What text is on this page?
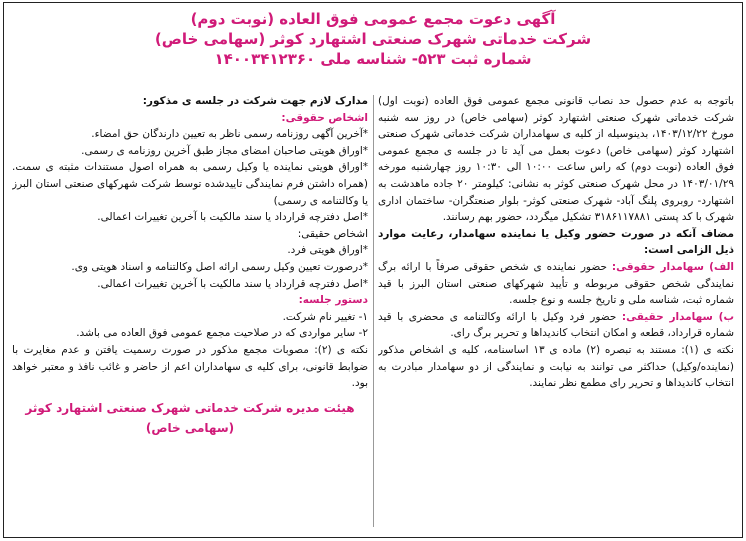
آگهی دعوت مجمع عمومی فوق العاده (نوبت دوم)
شرکت خدماتی شهرک صنعتی اشتهارد کوثر (سهامی خاص)
شماره ثبت ۵۲۳- شناسه ملی ۱۴۰۰۳۴۱۲۳۶۰
باتوجه به عدم حصول حد نصاب قانونی مجمع عمومی فوق العاده (نوبت اول) شرکت خدماتی شهرک صنعتی اشتهارد کوثر (سهامی خاص) در روز سه شنبه مورخ ۱۴۰۳/۱۲/۲۲، بدینوسیله از کلیه ی سهامداران شرکت خدماتی شهرک صنعتی اشتهارد کوثر (سهامی خاص) دعوت بعمل می آید تا در جلسه ی مجمع عمومی فوق العاده (نوبت دوم) که راس ساعت ۱۰:۰۰ الی ۱۰:۳۰ روز چهارشنبه مورخه ۱۴۰۳/۰۱/۲۹ در محل شهرک صنعتی کوثر به نشانی: کیلومتر ۲۰ جاده ماهدشت به اشتهارد- روبروی پلنگ آباد- شهرک صنعتی کوثر- بلوار صنعتگران- ساختمان اداری شهرک با کد پستی ۳۱۸۶۱۱۷۸۸۱ تشکیل میگردد، حضور بهم رسانند.
مضاف آنکه در صورت حضور وکیل یا نماینده سهامدار، رعایت موارد ذیل الزامی است:
الف) سهامدار حقوقی: حضور نماینده ی شخص حقوقی صرفاً با ارائه برگ نمایندگی شخص حقوقی مربوطه و تأیید شهرکهای صنعتی استان البرز با قید شماره ثبت، شناسه ملی و تاریخ جلسه و نوع جلسه.
ب) سهامدار حقیقی: حضور فرد وکیل با ارائه وکالتنامه ی محضری با قید شماره قرارداد، قطعه و امکان انتخاب کاندیداها و تحریر برگ رای.
نکته ی (۱): مستند به تبصره (۲) ماده ی ۱۳ اساسنامه، کلیه ی اشخاص مذکور (نماینده/وکیل) حداکثر می توانند به نیابت و نمایندگی از دو سهامدار مبادرت به انتخاب کاندیداها و تحریر رای مطمع نظر نمایند.
مدارک لازم جهت شرکت در جلسه ی مذکور:
اشخاص حقوقی:
*آخرین آگهی روزنامه رسمی ناظر به تعیین دارندگان حق امضاء.
*اوراق هویتی صاحبان امضای مجاز طبق آخرین روزنامه ی رسمی.
*اوراق هویتی نماینده یا وکیل رسمی به همراه اصول مستندات مثبته ی سمت. (همراه داشتن فرم نمایندگی تاییدشده توسط شرکت شهرکهای صنعتی استان البرز یا وکالتنامه ی رسمی)
*اصل دفترچه قرارداد یا سند مالکیت با آخرین تغییرات اعمالی.
اشخاص حقیقی:
*اوراق هویتی فرد.
*درصورت تعیین وکیل رسمی ارائه اصل وکالتنامه و اسناد هویتی وی.
*اصل دفترچه قرارداد یا سند مالکیت با آخرین تغییرات اعمالی.
دستور جلسه:
۱- تغییر نام شرکت.
۲- سایر مواردی که در صلاحیت مجمع عمومی فوق العاده می باشد.
نکته ی (۲): مصوبات مجمع مذکور در صورت رسمیت یافتن و عدم مغایرت با ضوابط قانونی، برای کلیه ی سهامداران اعم از حاضر و غائب نافذ و معتبر خواهد بود.
هیئت مدیره شرکت خدماتی شهرک صنعتی اشتهارد کوثر
(سهامی خاص)
